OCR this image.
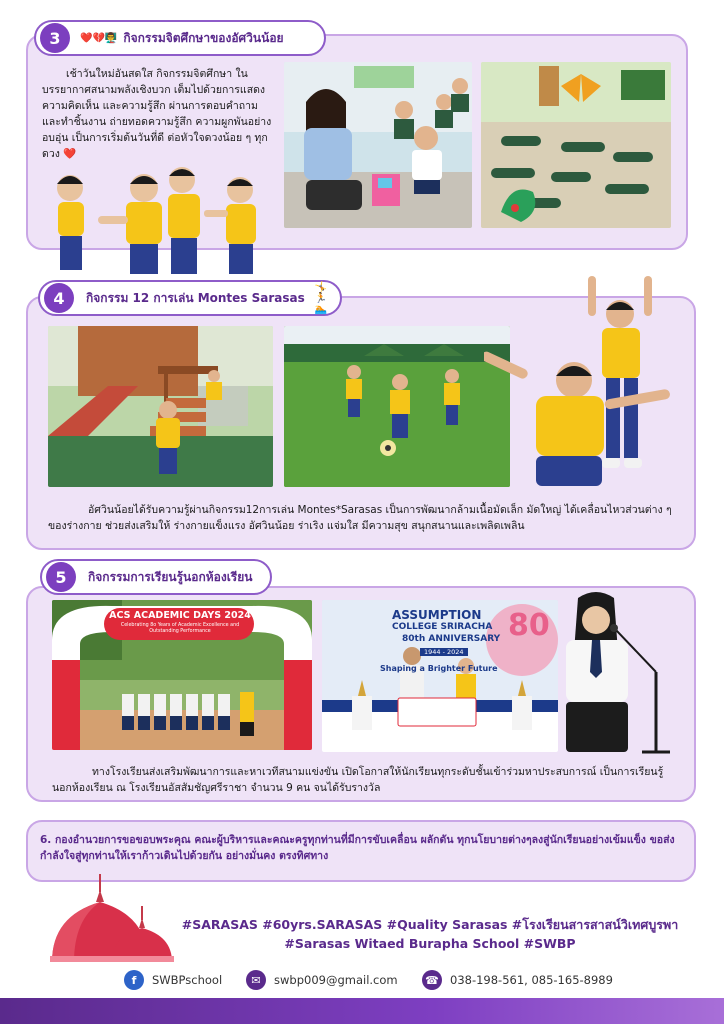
3	❤️💔👨‍🏫 กิจกรรมจิตศึกษาของอัศวินน้อย
เช้าวันใหม่อันสดใส กิจกรรมจิตศึกษา ในบรรยากาศสนามพลังเชิงบวก เต็มไปด้วยการแสดงความคิดเห็น และความรู้สึก ผ่านการตอบคำถาม และทำชิ้นงาน ถ่ายทอดความรู้สึก ความผูกพันอย่างอบอุ่น เป็นการเริ่มต้นวันที่ดี ต่อหัวใจดวงน้อย ๆ ทุกดวง ❤️
4	กิจกรรม 12 การเล่น Montes Sarasas
🤸🏃🏊
อัศวินน้อยได้รับความรู้ผ่านกิจกรรม12การเล่น Montes*Sarasas เป็นการพัฒนากล้ามเนื้อมัดเล็ก มัดใหญ่ ได้เคลื่อนไหวส่วนต่าง ๆ ของร่างกาย ช่วยส่งเสริมให้ ร่างกายแข็งแรง อัศวินน้อย ร่าเริง แจ่มใส มีความสุข สนุกสนานและเพลิดเพลิน
5	กิจกรรมการเรียนรู้นอกห้องเรียน
ACS ACADEMIC DAYS 2024
Celebrating 8o Years of Academic Excellence and Outstanding Performance
ASSUMPTION
COLLEGE SRIRACHA
80th ANNIVERSARY
1944 - 2024
Shaping a Brighter Future
80
ทางโรงเรียนส่งเสริมพัฒนาการและหาเวทีสนามแข่งขัน เปิดโอกาสให้นักเรียนทุกระดับชั้นเข้าร่วมหาประสบการณ์ เป็นการเรียนรู้นอกห้องเรียน ณ โรงเรียนอัสสัมชัญศรีราชา จำนวน 9 คน จนได้รับรางวัล
6. กองอำนวยการขอขอบพระคุณ คณะผู้บริหารและคณะครูทุกท่านที่มีการขับเคลื่อน ผลักดัน ทุกนโยบายต่างๆลงสู่นักเรียนอย่างเข้มแข็ง ขอส่งกำลังใจสู่ทุกท่านให้เราก้าวเดินไปด้วยกัน อย่างมั่นคง ตรงทิศทาง
#SARASAS #60yrs.SARASAS #Quality Sarasas #โรงเรียนสารสาสน์วิเทศบูรพา
#Sarasas Witaed Burapha School #SWBP
f	SWBPschool	✉	swbp009@gmail.com	☎ 038-198-561, 085-165-8989
